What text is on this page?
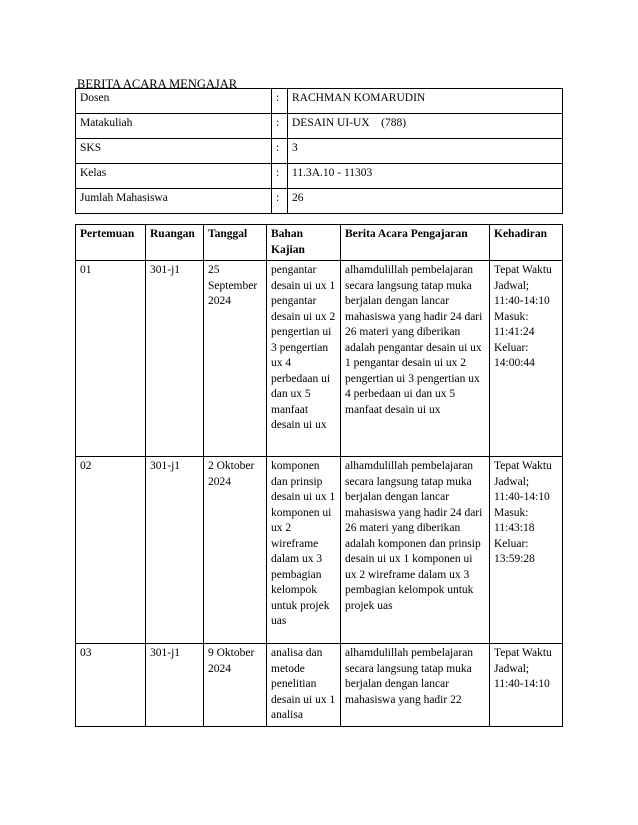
BERITA ACARA MENGAJAR
Dosen	:	RACHMAN KOMARUDIN
Matakuliah	:	DESAIN UI-UX    (788)
SKS	:	3
Kelas	:	11.3A.10 - 11303
Jumlah Mahasiswa	:	26
Pertemuan	Ruangan	Tanggal	Bahan Kajian	Berita Acara Pengajaran	Kehadiran
01	301-j1	25 September 2024	pengantar desain ui ux 1 pengantar desain ui ux 2 pengertian ui 3 pengertian ux 4 perbedaan ui dan ux 5 manfaat desain ui ux	alhamdulillah pembelajaran secara langsung tatap muka berjalan dengan lancar mahasiswa yang hadir 24 dari 26 materi yang diberikan adalah pengantar desain ui ux 1 pengantar desain ui ux 2 pengertian ui 3 pengertian ux 4 perbedaan ui dan ux 5 manfaat desain ui ux	Tepat Waktu Jadwal; 11:40-14:10 Masuk: 11:41:24 Keluar: 14:00:44
02	301-j1	2 Oktober 2024	komponen dan prinsip desain ui ux 1 komponen ui ux 2 wireframe dalam ux 3 pembagian kelompok untuk projek uas	alhamdulillah pembelajaran secara langsung tatap muka berjalan dengan lancar mahasiswa yang hadir 24 dari 26 materi yang diberikan adalah komponen dan prinsip desain ui ux 1 komponen ui ux 2 wireframe dalam ux 3 pembagian kelompok untuk projek uas	Tepat Waktu Jadwal; 11:40-14:10 Masuk: 11:43:18 Keluar: 13:59:28
03	301-j1	9 Oktober 2024	analisa dan metode penelitian desain ui ux 1 analisa	alhamdulillah pembelajaran secara langsung tatap muka berjalan dengan lancar mahasiswa yang hadir 22	Tepat Waktu Jadwal; 11:40-14:10
